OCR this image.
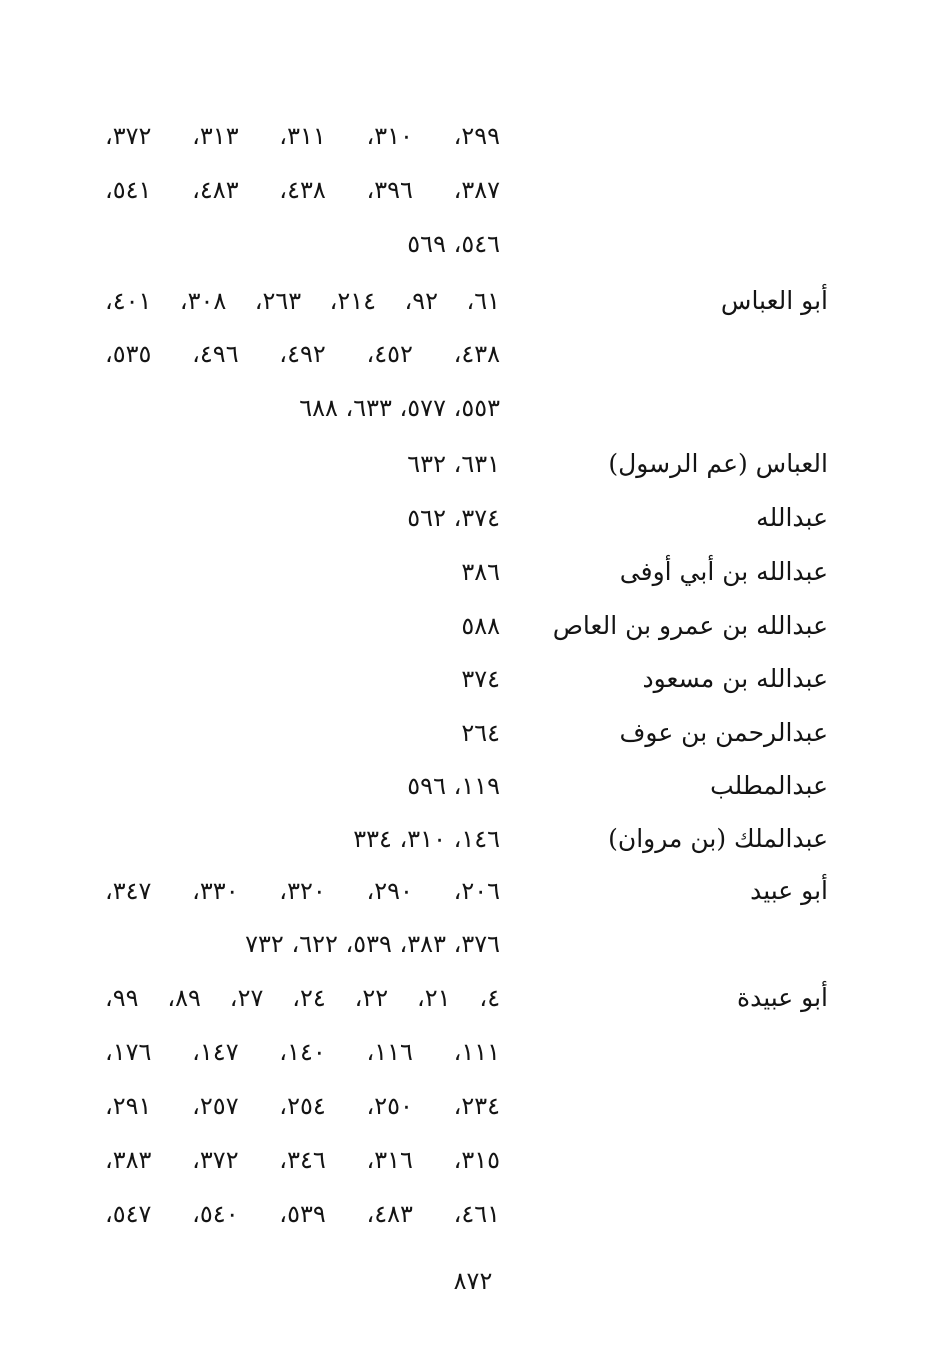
٢٩٩، ٣١٠، ٣١١، ٣١٣، ٣٧٢،
٣٨٧، ٣٩٦، ٤٣٨، ٤٨٣، ٥٤١،
٥٤٦، ٥٦٩
أبو العباس
٦١، ٩٢، ٢١٤، ٢٦٣، ٣٠٨، ٤٠١،
٤٣٨، ٤٥٢، ٤٩٢، ٤٩٦، ٥٣٥،
٥٥٣، ٥٧٧، ٦٣٣، ٦٨٨
العباس (عم الرسول)
٦٣١، ٦٣٢
عبدالله
٣٧٤، ٥٦٢
عبدالله بن أبي أوفى
٣٨٦
عبدالله بن عمرو بن العاص
٥٨٨
عبدالله بن مسعود
٣٧٤
عبدالرحمن بن عوف
٢٦٤
عبدالمطلب
١١٩، ٥٩٦
عبدالملك (بن مروان)
١٤٦، ٣١٠، ٣٣٤
أبو عبيد
٢٠٦، ٢٩٠، ٣٢٠، ٣٣٠، ٣٤٧،
٣٧٦، ٣٨٣، ٥٣٩، ٦٢٢، ٧٣٢
أبو عبيدة
٤، ٢١، ٢٢، ٢٤، ٢٧، ٨٩، ٩٩،
١١١، ١١٦، ١٤٠، ١٤٧، ١٧٦،
٢٣٤، ٢٥٠، ٢٥٤، ٢٥٧، ٢٩١،
٣١٥، ٣١٦، ٣٤٦، ٣٧٢، ٣٨٣،
٤٦١، ٤٨٣، ٥٣٩، ٥٤٠، ٥٤٧،
٨٧٢
